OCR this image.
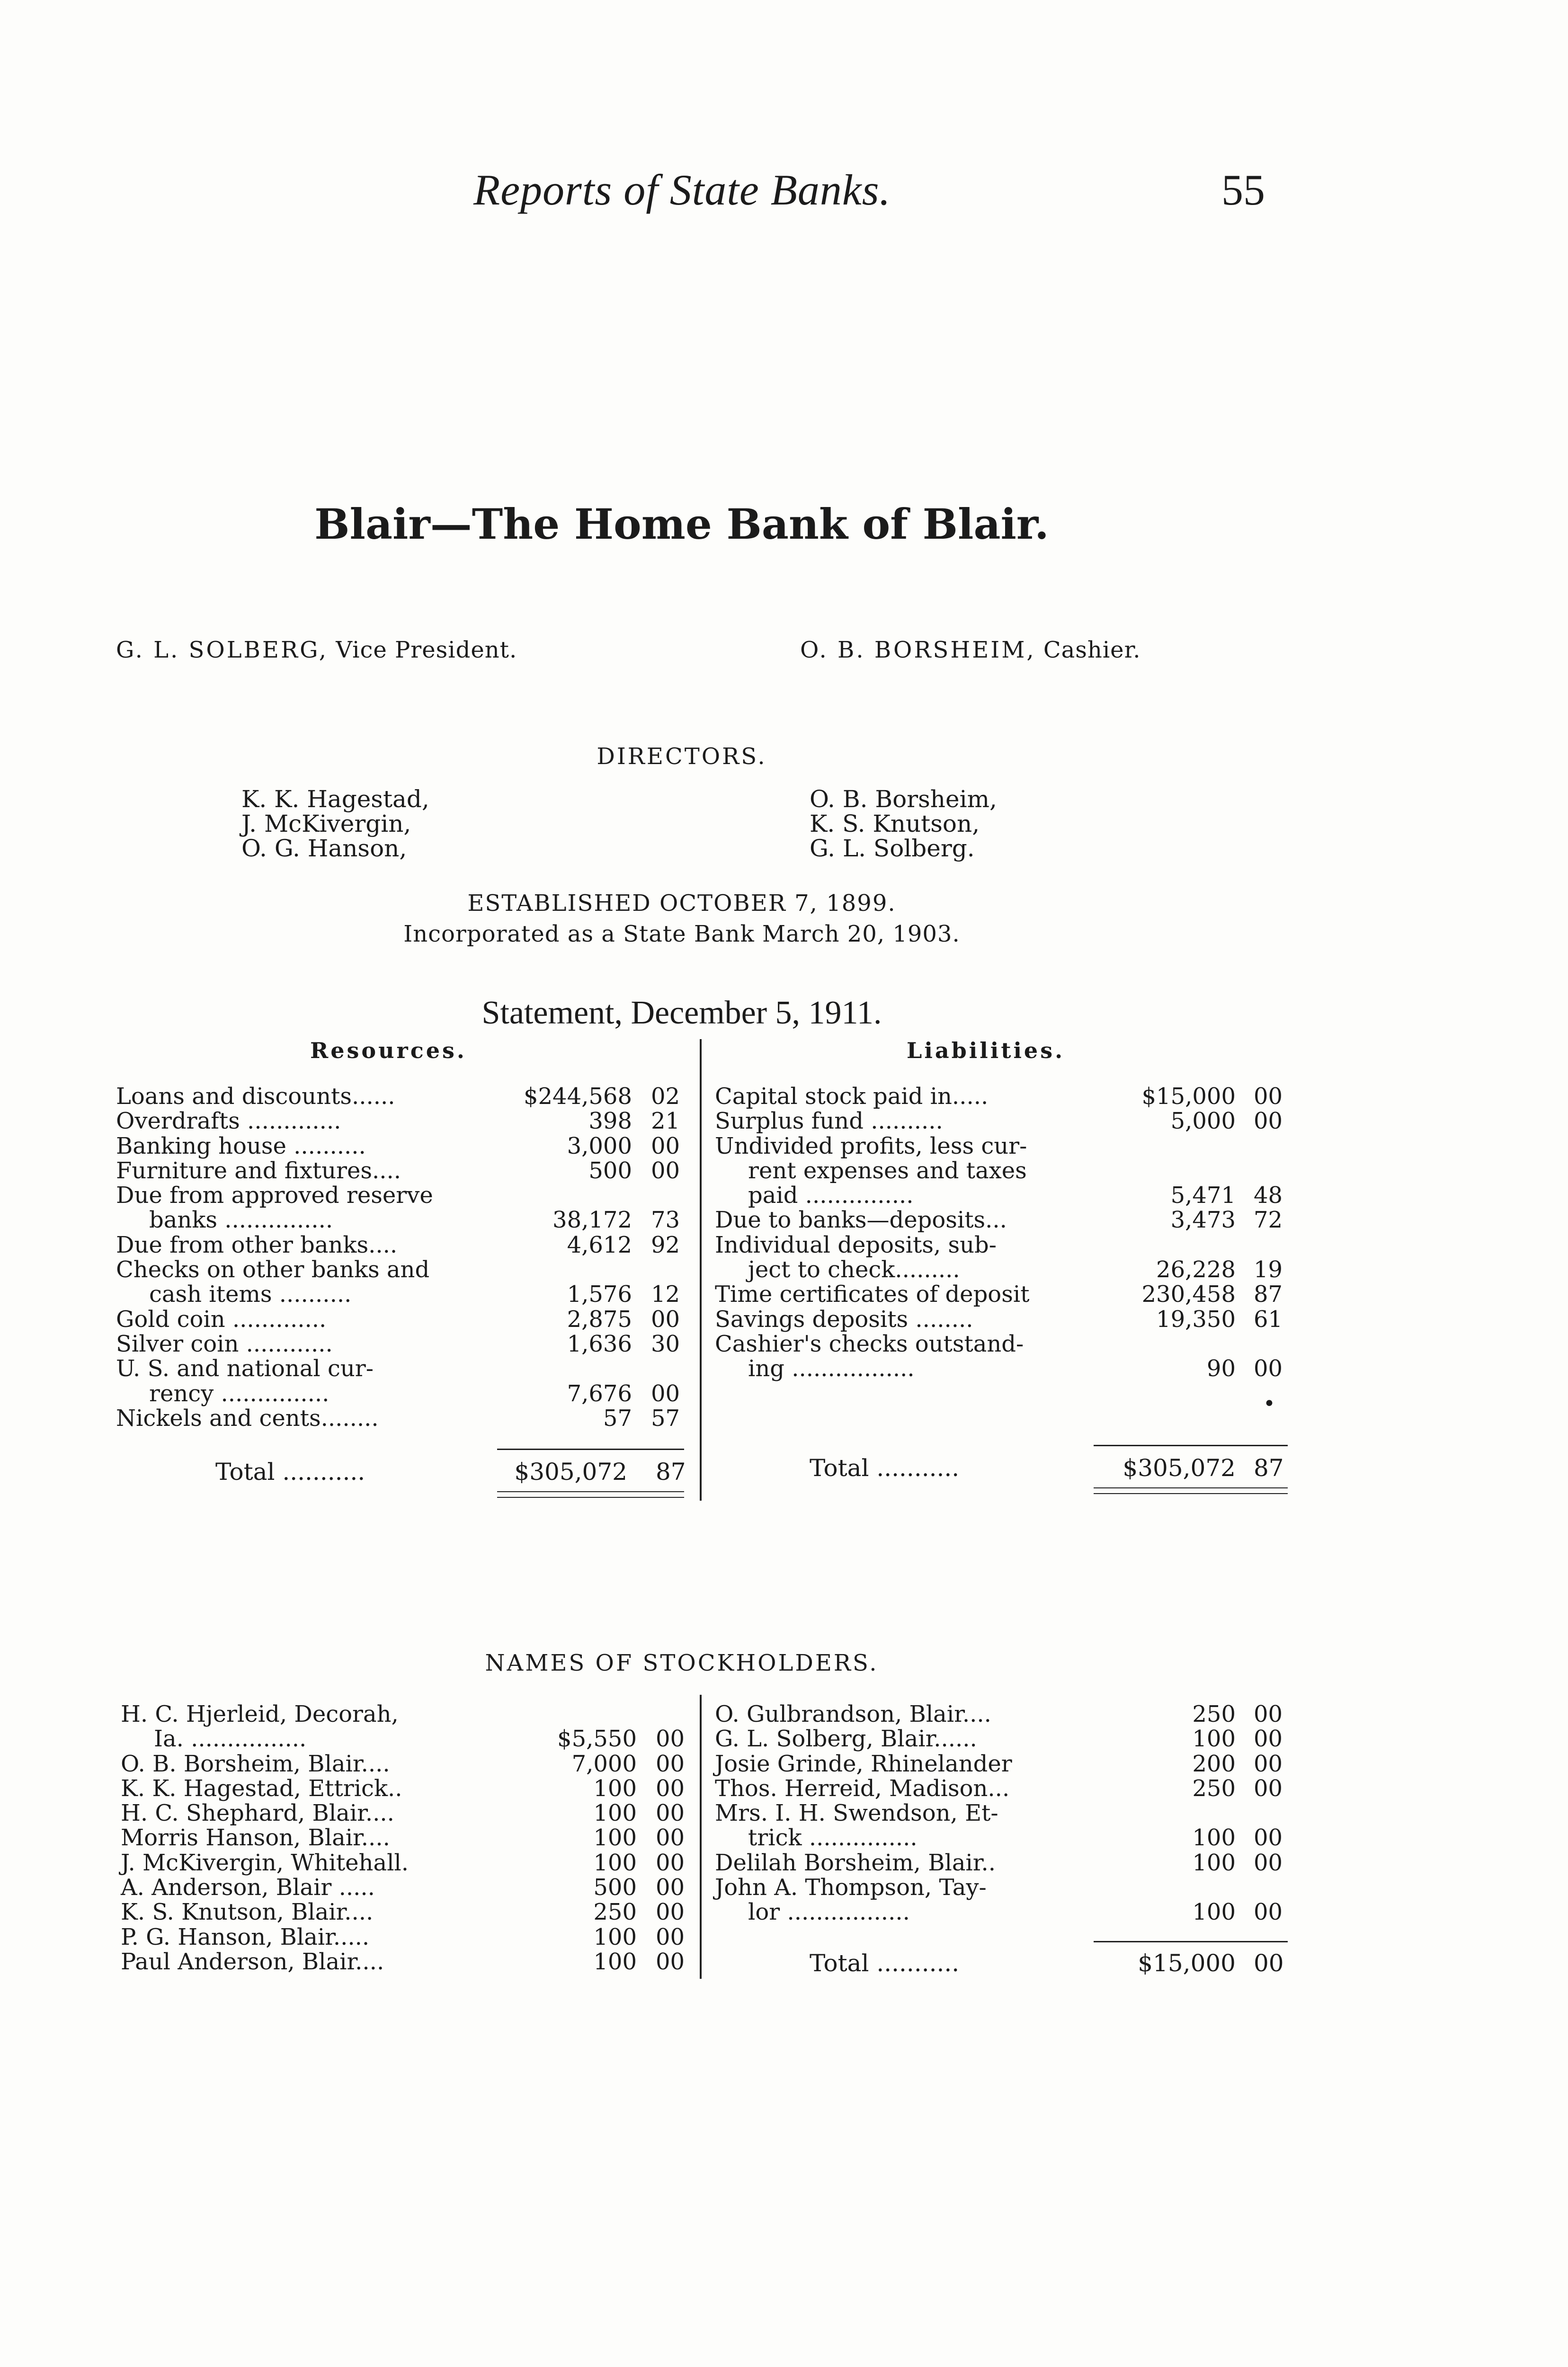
Reports of State Banks.	55
Blair—The Home Bank of Blair.
G. L. SOLBERG, Vice President.	O. B. BORSHEIM, Cashier.
DIRECTORS.
K. K. Hagestad,
J. McKivergin,
O. G. Hanson,
O. B. Borsheim,
K. S. Knutson,
G. L. Solberg.
ESTABLISHED OCTOBER 7, 1899.
Incorporated as a State Bank March 20, 1903.
Statement, December 5, 1911.
Resources.	Liabilities.
Loans and discounts......	$244,568 02
Overdrafts .............	398 21
Banking house ..........	3,000 00
Furniture and fixtures....	500 00
Due from approved reserve
banks ...............	38,172 73
Due from other banks....	4,612 92
Checks on other banks and
cash items ..........	1,576 12
Gold coin .............	2,875 00
Silver coin ............	1,636 30
U. S. and national cur-
rency ...............	7,676 00
Nickels and cents........	57 57
Capital stock paid in.....	$15,000 00
Surplus fund ..........	5,000 00
Undivided profits, less cur-
rent expenses and taxes
paid ...............	5,471 48
Due to banks—deposits...	3,473 72
Individual deposits, sub-
ject to check.........	26,228 19
Time certificates of deposit	230,458 87
Savings deposits ........	19,350 61
Cashier's checks outstand-
ing .................	90 00
Total ...........	$305,072 87	Total ...........	$305,072 87
•
NAMES OF STOCKHOLDERS.
H. C. Hjerleid, Decorah,
Ia. ................	$5,550 00
O. B. Borsheim, Blair....	7,000 00
K. K. Hagestad, Ettrick..	100 00
H. C. Shephard, Blair....	100 00
Morris Hanson, Blair....	100 00
J. McKivergin, Whitehall.	100 00
A. Anderson, Blair .....	500 00
K. S. Knutson, Blair....	250 00
P. G. Hanson, Blair.....	100 00
Paul Anderson, Blair....	100 00
O. Gulbrandson, Blair....	250 00
G. L. Solberg, Blair......	100 00
Josie Grinde, Rhinelander	200 00
Thos. Herreid, Madison...	250 00
Mrs. I. H. Swendson, Et-
trick ...............	100 00
Delilah Borsheim, Blair..	100 00
John A. Thompson, Tay-
lor .................	100 00
Total ...........	$15,000 00
